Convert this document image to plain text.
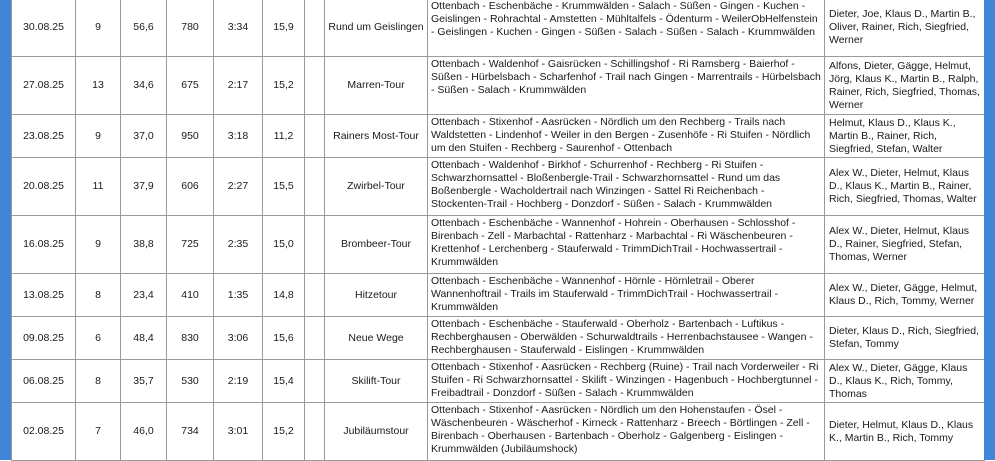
30.08.25	9	56,6	780	3:34	15,9		Rund um Geislingen	Ottenbach - Eschenbäche - Krummwälden - Salach - Süßen - Gingen - Kuchen - Geislingen - Rohrachtal - Amstetten - Mühltalfels - Ödenturm - WeilerObHelfenstein - Geislingen - Kuchen - Gingen - Süßen - Salach - Süßen - Salach - Krummwälden	Dieter, Joe, Klaus D., Martin B., Oliver, Rainer, Rich, Siegfried, Werner
27.08.25	13	34,6	675	2:17	15,2		Marren-Tour	Ottenbach - Waldenhof - Gaisrücken - Schillingshof - Ri Ramsberg - Baierhof - Süßen - Hürbelsbach - Scharfenhof - Trail nach Gingen - Marrentrails - Hürbelsbach - Süßen - Salach - Krummwälden	Alfons, Dieter, Gägge, Helmut, Jörg, Klaus K., Martin B., Ralph, Rainer, Rich, Siegfried, Thomas, Werner
23.08.25	9	37,0	950	3:18	11,2		Rainers Most-Tour	Ottenbach - Stixenhof - Aasrücken - Nördlich um den Rechberg - Trails nach Waldstetten - Lindenhof - Weiler in den Bergen - Zusenhöfe - Ri Stuifen - Nördlich um den Stuifen - Rechberg - Saurenhof - Ottenbach	Helmut, Klaus D., Klaus K., Martin B., Rainer, Rich, Siegfried, Stefan, Walter
20.08.25	11	37,9	606	2:27	15,5		Zwirbel-Tour	Ottenbach - Waldenhof - Birkhof - Schurrenhof - Rechberg - Ri Stuifen - Schwarzhornsattel - Bloßenbergle-Trail - Schwarzhornsattel - Rund um das Boßenbergle - Wacholdertrail nach Winzingen - Sattel Ri Reichenbach - Stockenten-Trail - Hochberg - Donzdorf - Süßen - Salach - Krummwälden	Alex W., Dieter, Helmut, Klaus D., Klaus K., Martin B., Rainer, Rich, Siegfried, Thomas, Walter
16.08.25	9	38,8	725	2:35	15,0		Brombeer-Tour	Ottenbach - Eschenbäche - Wannenhof - Hohrein - Oberhausen - Schlosshof - Birenbach - Zell - Marbachtal - Rattenharz - Marbachtal - Ri Wäschenbeuren - Krettenhof - Lerchenberg - Stauferwald - TrimmDichTrail - Hochwassertrail - Krummwälden	Alex W., Dieter, Helmut, Klaus D., Rainer, Siegfried, Stefan, Thomas, Werner
13.08.25	8	23,4	410	1:35	14,8		Hitzetour	Ottenbach - Eschenbäche - Wannenhof - Hörnle - Hörnletrail - Oberer Wannenhoftrail - Trails im Stauferwald - TrimmDichTrail - Hochwassertrail - Krummwälden	Alex W., Dieter, Gägge, Helmut, Klaus D., Rich, Tommy, Werner
09.08.25	6	48,4	830	3:06	15,6		Neue Wege	Ottenbach - Eschenbäche - Stauferwald - Oberholz - Bartenbach - Luftikus - Rechberghausen - Oberwälden - Schurwaldtrails - Herrenbachstausee - Wangen - Rechberghausen - Stauferwald - Eislingen - Krummwälden	Dieter, Klaus D., Rich, Siegfried, Stefan, Tommy
06.08.25	8	35,7	530	2:19	15,4		Skilift-Tour	Ottenbach - Stixenhof - Aasrücken - Rechberg (Ruine) - Trail nach Vorderweiler - Ri Stuifen - Ri Schwarzhornsattel - Skilift - Winzingen - Hagenbuch - Hochbergtunnel - Freibadtrail - Donzdorf - Süßen - Salach - Krummwälden	Alex W., Dieter, Gägge, Klaus D., Klaus K., Rich, Tommy, Thomas
02.08.25	7	46,0	734	3:01	15,2		Jubiläumstour	Ottenbach - Stixenhof - Aasrücken - Nördlich um den Hohenstaufen - Ösel - Wäschenbeuren - Wäscherhof - Kirneck - Rattenharz - Breech - Börtlingen - Zell - Birenbach - Oberhausen - Bartenbach - Oberholz - Galgenberg - Eislingen - Krummwälden (Jubiläumshock)	Dieter, Helmut, Klaus D., Klaus K., Martin B., Rich, Tommy
